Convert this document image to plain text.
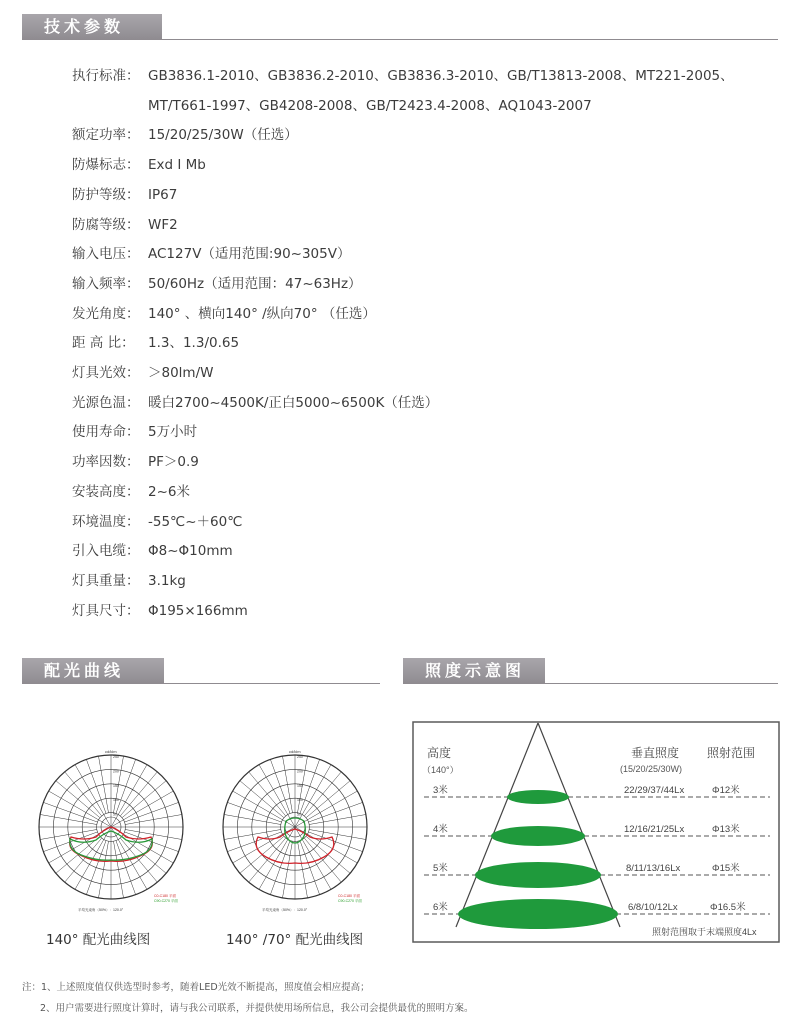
技术参数
执行标准： GB3836.1-2010、GB3836.2-2010、GB3836.3-2010、GB/T13813-2008、MT221-2005、
MT/T661-1997、GB4208-2008、GB/T2423.4-2008、AQ1043-2007
额定功率： 15/20/25/30W（任选）
防爆标志： Exd I Mb
防护等级： IP67
防腐等级： WF2
输入电压： AC127V（适用范围:90~305V）
输入频率： 50/60Hz（适用范围：47~63Hz）
发光角度： 140° 、横向140° /纵向70° （任选）
距 高 比： 1.3、1.3/0.65
灯具光效： ＞80lm/W
光源色温： 暖白2700~4500K/正白5000~6500K（任选）
使用寿命： 5万小时
功率因数： PF＞0.9
安装高度： 2~6米
环境温度： -55℃~＋60℃
引入电缆： Φ8~Φ10mm
灯具重量： 3.1kg
灯具尺寸： Φ195×166mm
配光曲线	照度示意图
cd/klm
50
100
150
200
250
C0-C180 平面
C90-C270 平面
平均光束角（50%）：120.0°
cd/klm
50
100
150
200
250
C0-C180 平面
C90-C270 平面
平均光束角（50%）：120.0°
140° 配光曲线图	140° /70° 配光曲线图
高度
（140°）
垂直照度
(15/20/25/30W)
照射范围
3米	22/29/37/44Lx	Φ12米
4米	12/16/21/25Lx	Φ13米
5米	8/11/13/16Lx	Φ15米
6米	6/8/10/12Lx	Φ16.5米
照射范围取于末端照度4Lx
注：1、上述照度值仅供选型时参考，随着LED光效不断提高，照度值会相应提高；
2、用户需要进行照度计算时，请与我公司联系，并提供使用场所信息，我公司会提供最优的照明方案。
